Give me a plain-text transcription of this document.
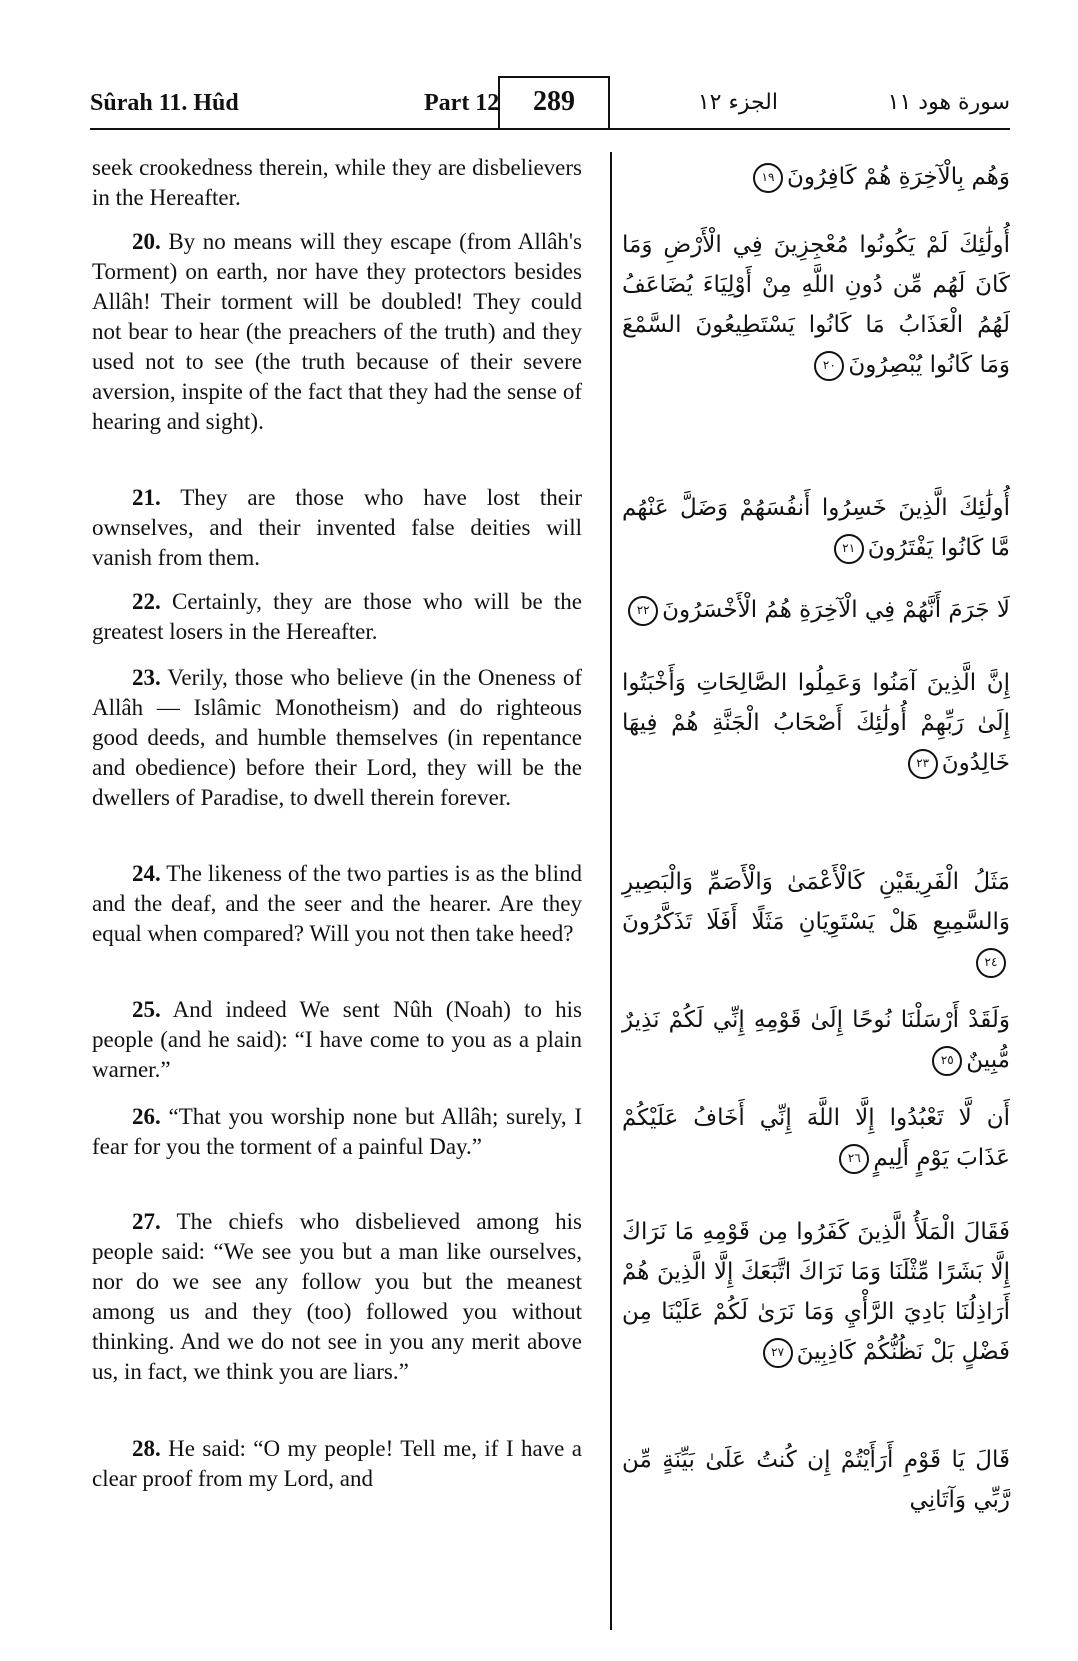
Sûrah 11. Hûd	Part 12	289	الجزء ١٢	سورة هود ١١
seek crookedness therein, while they are disbelievers in the Hereafter.
20. By no means will they escape (from Allâh's Torment) on earth, nor have they protectors besides Allâh! Their torment will be doubled! They could not bear to hear (the preachers of the truth) and they used not to see (the truth because of their severe aversion, inspite of the fact that they had the sense of hearing and sight).
21. They are those who have lost their ownselves, and their invented false deities will vanish from them.
22. Certainly, they are those who will be the greatest losers in the Hereafter.
23. Verily, those who believe (in the Oneness of Allâh — Islâmic Monotheism) and do righteous good deeds, and humble themselves (in repentance and obedience) before their Lord, they will be the dwellers of Paradise, to dwell therein forever.
24. The likeness of the two parties is as the blind and the deaf, and the seer and the hearer. Are they equal when compared? Will you not then take heed?
25. And indeed We sent Nûh (Noah) to his people (and he said): “I have come to you as a plain warner.”
26. “That you worship none but Allâh; surely, I fear for you the torment of a painful Day.”
27. The chiefs who disbelieved among his people said: “We see you but a man like ourselves, nor do we see any follow you but the meanest among us and they (too) followed you without thinking. And we do not see in you any merit above us, in fact, we think you are liars.”
28. He said: “O my people! Tell me, if I have a clear proof from my Lord, and
وَهُم بِالْآخِرَةِ هُمْ كَافِرُونَ١٩
أُولَٰئِكَ لَمْ يَكُونُوا مُعْجِزِينَ فِي الْأَرْضِ وَمَا كَانَ لَهُم مِّن دُونِ اللَّهِ مِنْ أَوْلِيَاءَ يُضَاعَفُ لَهُمُ الْعَذَابُ مَا كَانُوا يَسْتَطِيعُونَ السَّمْعَ وَمَا كَانُوا يُبْصِرُونَ٢٠
أُولَٰئِكَ الَّذِينَ خَسِرُوا أَنفُسَهُمْ وَضَلَّ عَنْهُم مَّا كَانُوا يَفْتَرُونَ٢١
لَا جَرَمَ أَنَّهُمْ فِي الْآخِرَةِ هُمُ الْأَخْسَرُونَ٢٢
إِنَّ الَّذِينَ آمَنُوا وَعَمِلُوا الصَّالِحَاتِ وَأَخْبَتُوا إِلَىٰ رَبِّهِمْ أُولَٰئِكَ أَصْحَابُ الْجَنَّةِ هُمْ فِيهَا خَالِدُونَ٢٣
مَثَلُ الْفَرِيقَيْنِ كَالْأَعْمَىٰ وَالْأَصَمِّ وَالْبَصِيرِ وَالسَّمِيعِ هَلْ يَسْتَوِيَانِ مَثَلًا أَفَلَا تَذَكَّرُونَ٢٤
وَلَقَدْ أَرْسَلْنَا نُوحًا إِلَىٰ قَوْمِهِ إِنِّي لَكُمْ نَذِيرٌ مُّبِينٌ٢٥
أَن لَّا تَعْبُدُوا إِلَّا اللَّهَ إِنِّي أَخَافُ عَلَيْكُمْ عَذَابَ يَوْمٍ أَلِيمٍ٢٦
فَقَالَ الْمَلَأُ الَّذِينَ كَفَرُوا مِن قَوْمِهِ مَا نَرَاكَ إِلَّا بَشَرًا مِّثْلَنَا وَمَا نَرَاكَ اتَّبَعَكَ إِلَّا الَّذِينَ هُمْ أَرَاذِلُنَا بَادِيَ الرَّأْيِ وَمَا نَرَىٰ لَكُمْ عَلَيْنَا مِن فَضْلٍ بَلْ نَظُنُّكُمْ كَاذِبِينَ٢٧
قَالَ يَا قَوْمِ أَرَأَيْتُمْ إِن كُنتُ عَلَىٰ بَيِّنَةٍ مِّن رَّبِّي وَآتَانِي
